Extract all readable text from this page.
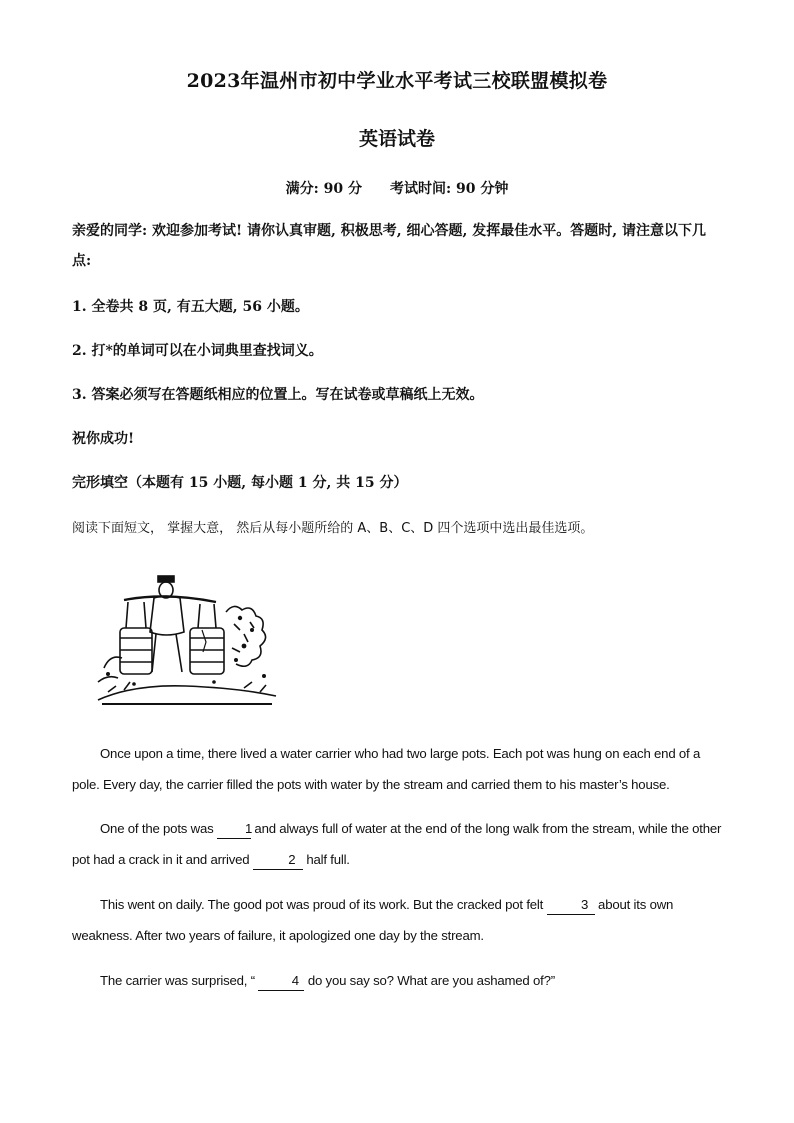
2023年温州市初中学业水平考试三校联盟模拟卷
英语试卷
满分: 90 分 考试时间: 90 分钟
亲爱的同学: 欢迎参加考试! 请你认真审题, 积极思考, 细心答题, 发挥最佳水平。答题时, 请注意以下几点:
1. 全卷共 8 页, 有五大题, 56 小题。
2. 打*的单词可以在小词典里查找词义。
3. 答案必须写在答题纸相应的位置上。写在试卷或草稿纸上无效。
祝你成功!
完形填空（本题有 15 小题, 每小题 1 分, 共 15 分）
阅读下面短文， 掌握大意， 然后从每小题所给的 A、B、C、D 四个选项中选出最佳选项。
Once upon a time, there lived a water carrier who had two large pots. Each pot was hung on each end of a pole. Every day, the carrier filled the pots with water by the stream and carried them to his master’s house.
One of the pots was 1 and always full of water at the end of the long walk from the stream, while the other pot had a crack in it and arrived	2 half full.
This went on daily. The good pot was proud of its work. But the cracked pot felt	3 about its own weakness. After two years of failure, it apologized one day by the stream.
The carrier was surprised, “	4 do you say so? What are you ashamed of?”
